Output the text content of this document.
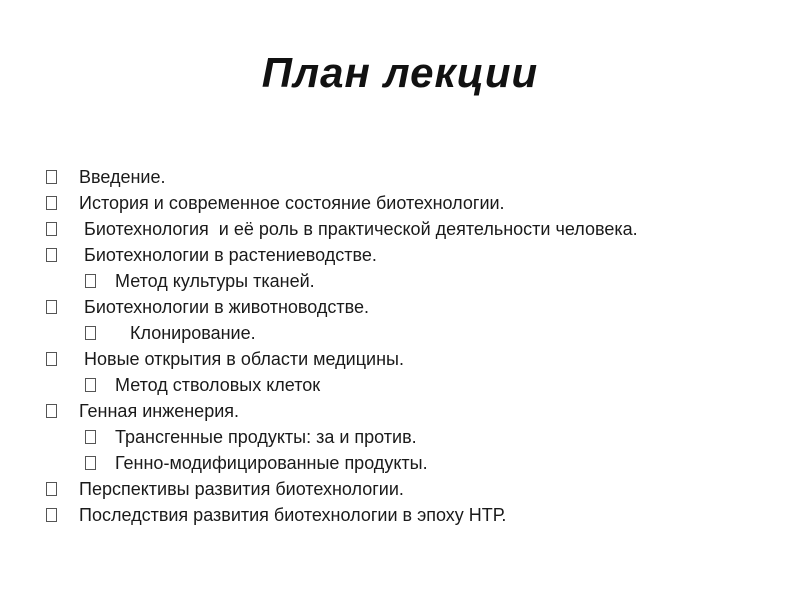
План лекции
Введение.
История и современное состояние биотехнологии.
Биотехнология  и её роль в практической деятельности человека.
Биотехнологии в растениеводстве.
Метод культуры тканей.
Биотехнологии в животноводстве.
Клонирование.
Новые открытия в области медицины.
Метод стволовых клеток
Генная инженерия.
Трансгенные продукты: за и против.
Генно-модифицированные продукты.
Перспективы развития биотехнологии.
Последствия развития биотехнологии в эпоху НТР.
